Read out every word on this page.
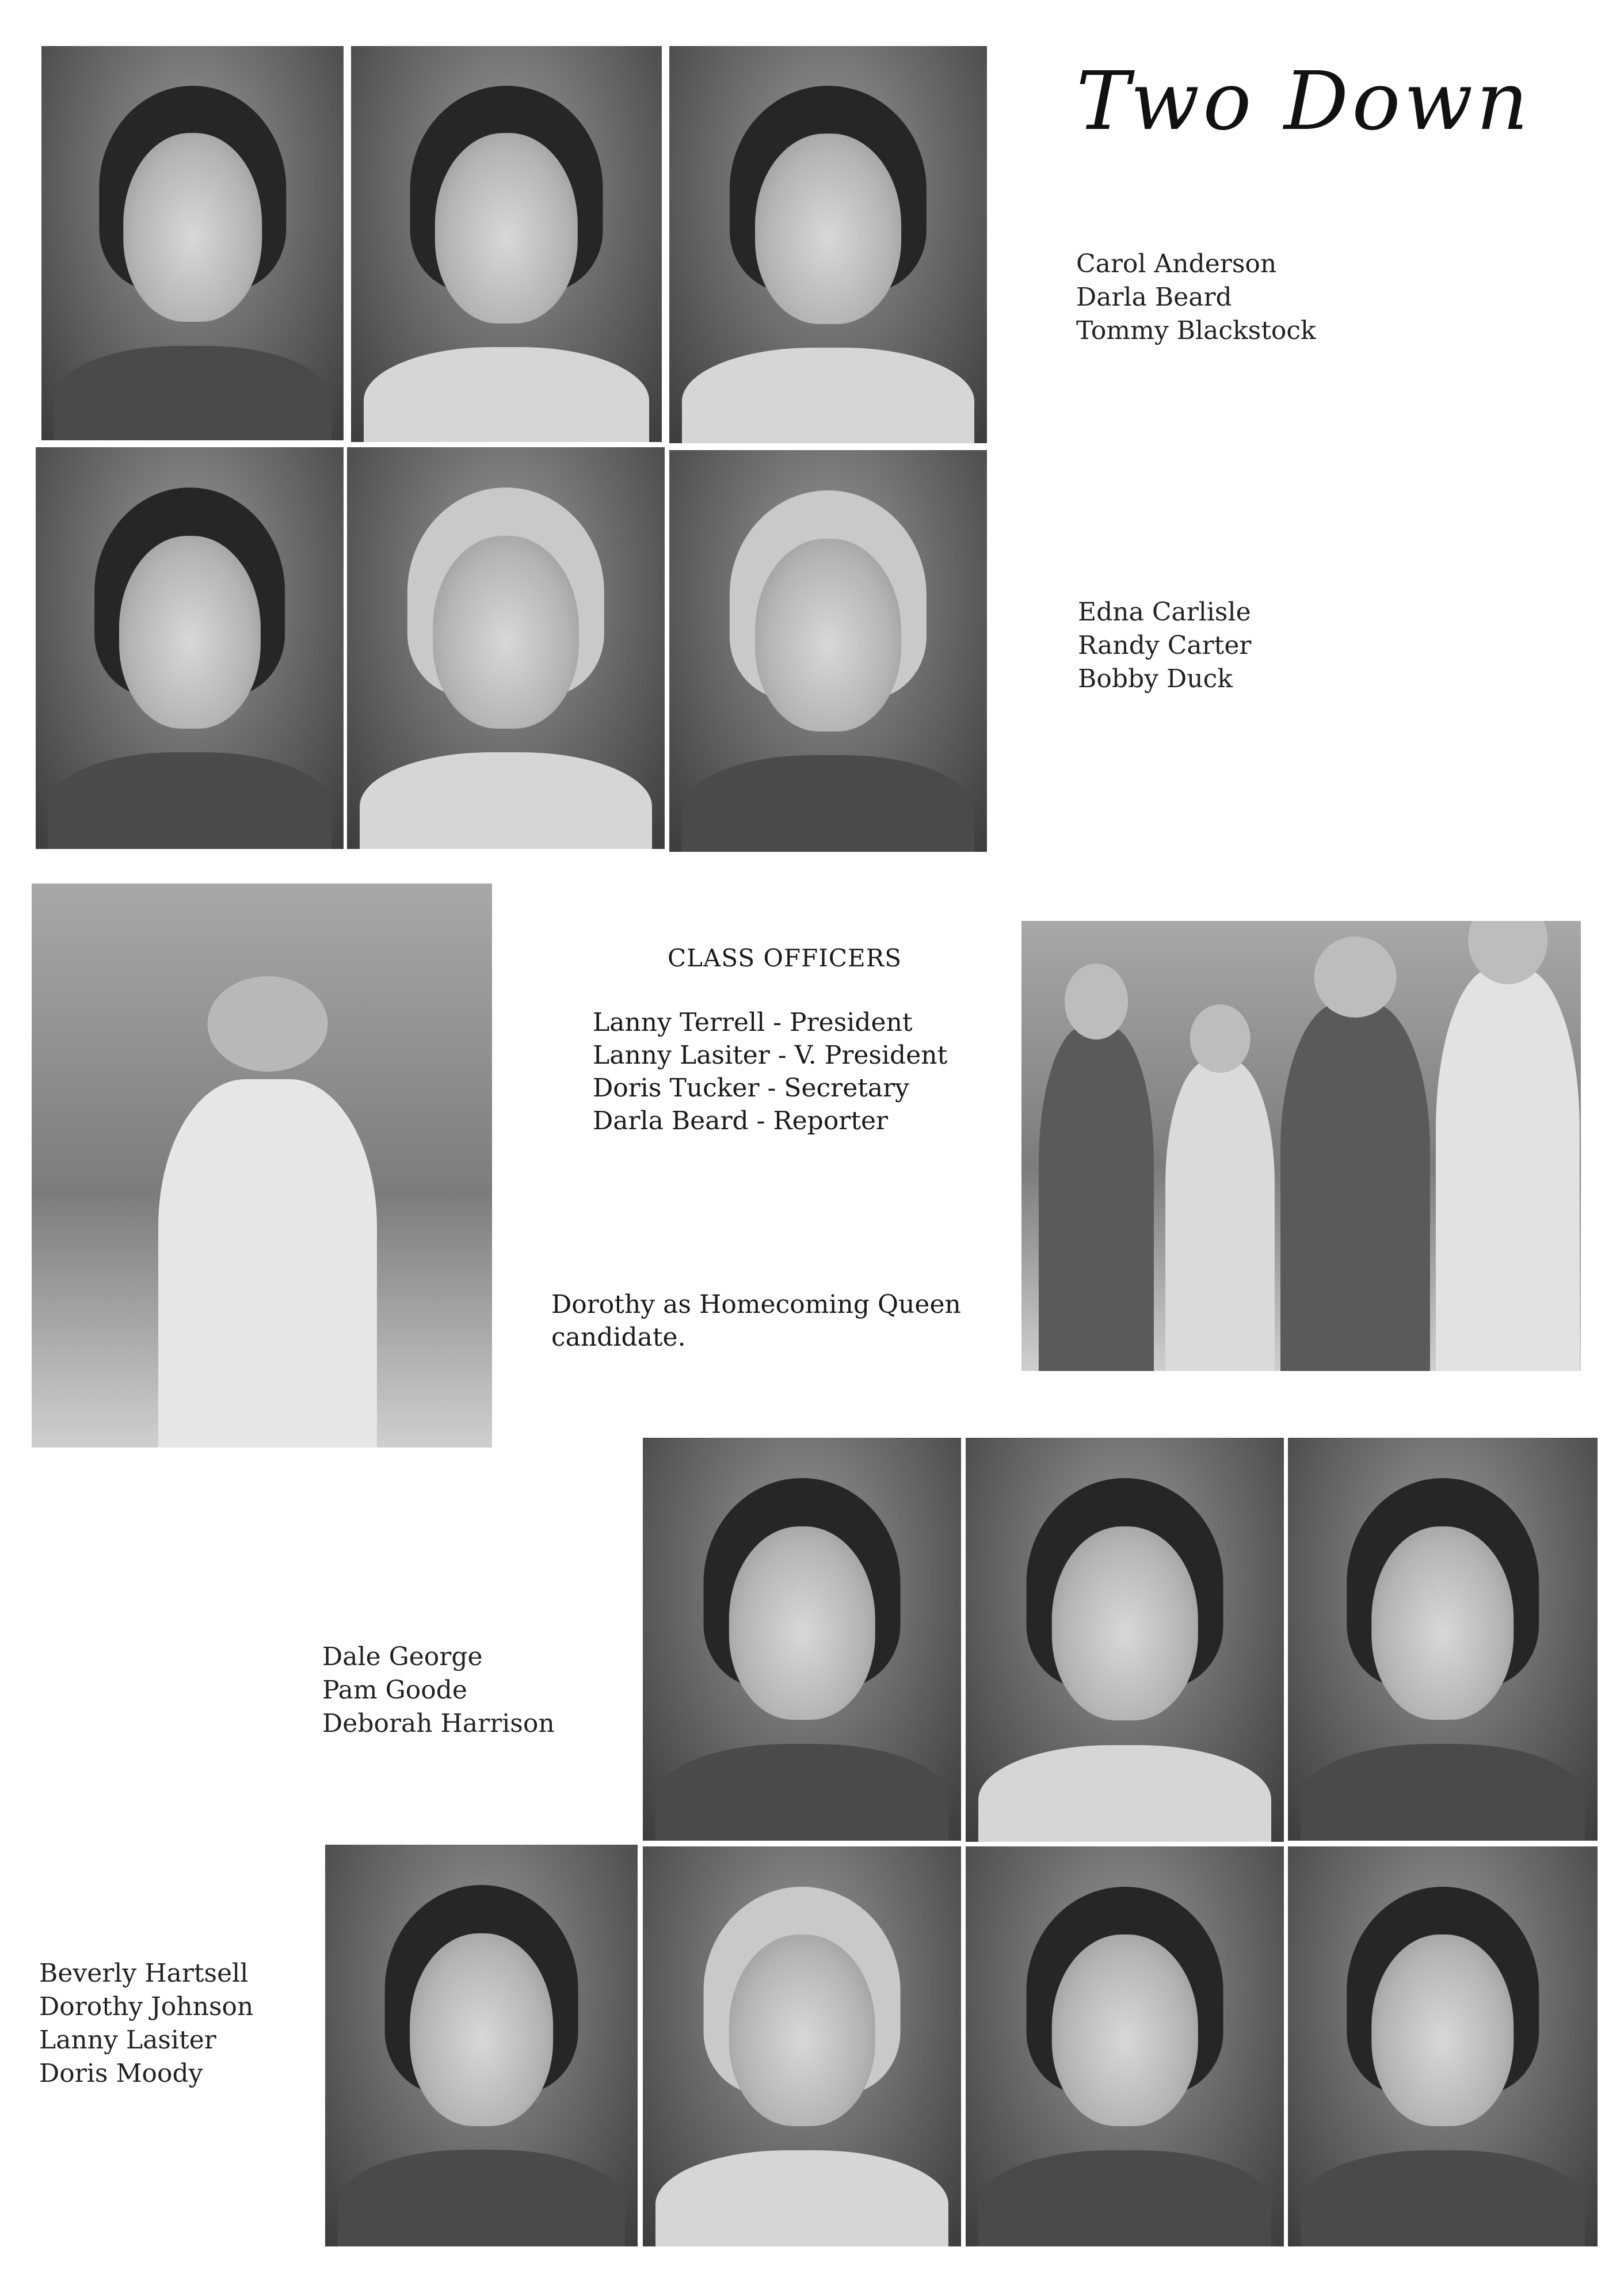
Two Down
Carol Anderson
Darla Beard
Tommy Blackstock
Edna Carlisle
Randy Carter
Bobby Duck
CLASS OFFICERS
Lanny Terrell - President
Lanny Lasiter - V. President
Doris Tucker - Secretary
Darla Beard - Reporter
Dorothy as Homecoming Queen candidate.
Dale George
Pam Goode
Deborah Harrison
Beverly Hartsell
Dorothy Johnson
Lanny Lasiter
Doris Moody
